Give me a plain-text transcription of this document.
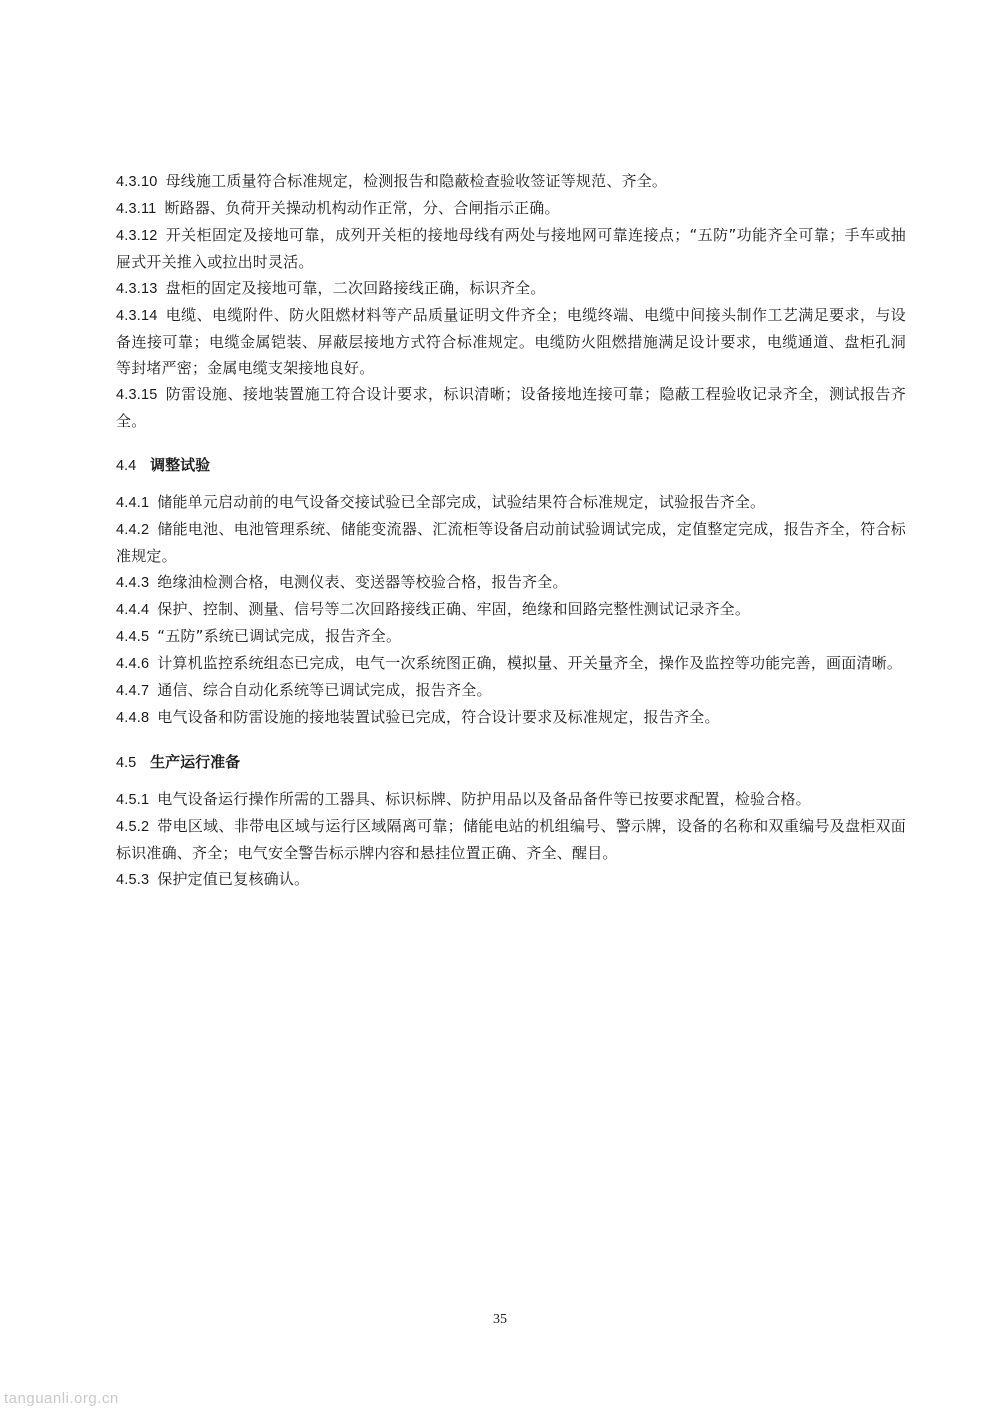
4.3.10 母线施工质量符合标准规定，检测报告和隐蔽检查验收签证等规范、齐全。

4.3.11 断路器、负荷开关操动机构动作正常，分、合闸指示正确。

4.3.12 开关柜固定及接地可靠，成列开关柜的接地母线有两处与接地网可靠连接点；“五防”功能齐全可靠；手车或抽屉式开关推入或拉出时灵活。

4.3.13 盘柜的固定及接地可靠，二次回路接线正确，标识齐全。

4.3.14 电缆、电缆附件、防火阻燃材料等产品质量证明文件齐全；电缆终端、电缆中间接头制作工艺满足要求，与设备连接可靠；电缆金属铠装、屏蔽层接地方式符合标准规定。电缆防火阻燃措施满足设计要求，电缆通道、盘柜孔洞等封堵严密；金属电缆支架接地良好。

4.3.15 防雷设施、接地装置施工符合设计要求，标识清晰；设备接地连接可靠；隐蔽工程验收记录齐全，测试报告齐全。

4.4 调整试验

4.4.1 储能单元启动前的电气设备交接试验已全部完成，试验结果符合标准规定，试验报告齐全。

4.4.2 储能电池、电池管理系统、储能变流器、汇流柜等设备启动前试验调试完成，定值整定完成，报告齐全，符合标准规定。

4.4.3 绝缘油检测合格，电测仪表、变送器等校验合格，报告齐全。

4.4.4 保护、控制、测量、信号等二次回路接线正确、牢固，绝缘和回路完整性测试记录齐全。

4.4.5 “五防”系统已调试完成，报告齐全。

4.4.6 计算机监控系统组态已完成，电气一次系统图正确，模拟量、开关量齐全，操作及监控等功能完善，画面清晰。

4.4.7 通信、综合自动化系统等已调试完成，报告齐全。

4.4.8 电气设备和防雷设施的接地装置试验已完成，符合设计要求及标准规定，报告齐全。

4.5 生产运行准备

4.5.1 电气设备运行操作所需的工器具、标识标牌、防护用品以及备品备件等已按要求配置，检验合格。

4.5.2 带电区域、非带电区域与运行区域隔离可靠；储能电站的机组编号、警示牌，设备的名称和双重编号及盘柜双面标识准确、齐全；电气安全警告标示牌内容和悬挂位置正确、齐全、醒目。

4.5.3 保护定值已复核确认。

35
tanguanli.org.cn
